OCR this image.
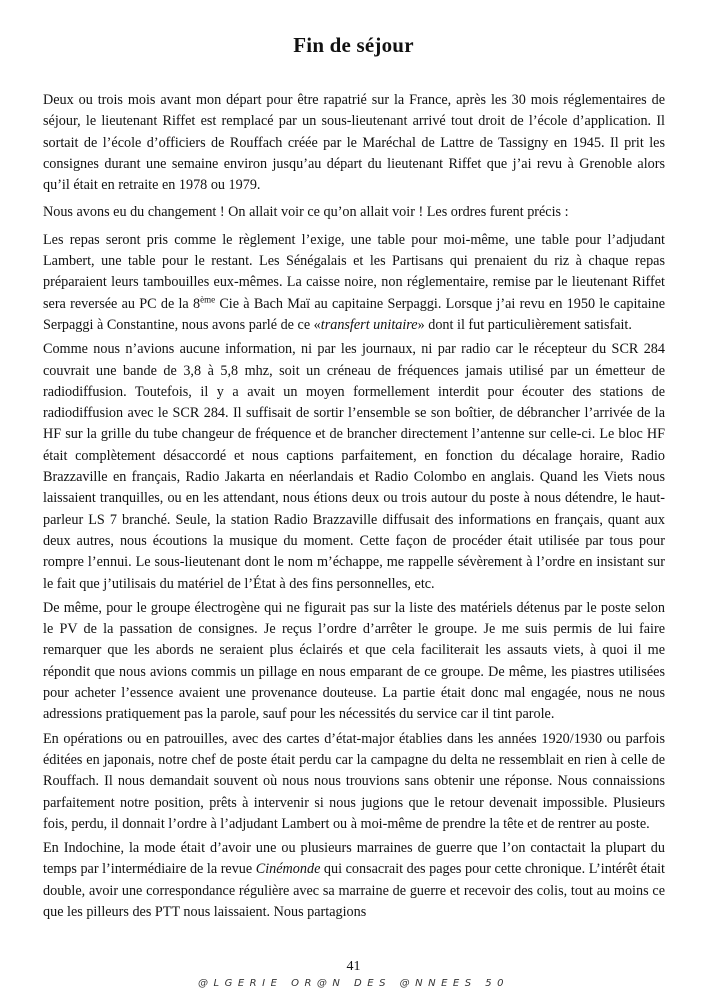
Fin de séjour

Deux ou trois mois avant mon départ pour être rapatrié sur la France, après les 30 mois réglementaires de séjour, le lieutenant Riffet est remplacé par un sous-lieutenant arrivé tout droit de l’école d’application. Il sortait de l’école d’officiers de Rouffach créée par le Maréchal de Lattre de Tassigny en 1945. Il prit les consignes durant une semaine environ jusqu’au départ du lieutenant Riffet que j’ai revu à Grenoble alors qu’il était en retraite en 1978 ou 1979.

Nous avons eu du changement ! On allait voir ce qu’on allait voir ! Les ordres furent précis :

Les repas seront pris comme le règlement l’exige, une table pour moi-même, une table pour l’adjudant Lambert, une table pour le restant. Les Sénégalais et les Partisans qui prenaient du riz à chaque repas préparaient leurs tambouilles eux-mêmes. La caisse noire, non réglementaire, remise par le lieutenant Riffet sera reversée au PC de la 8ème Cie à Bach Maï au capitaine Serpaggi. Lorsque j’ai revu en 1950 le capitaine Serpaggi à Constantine, nous avons parlé de ce «transfert unitaire» dont il fut particulièrement satisfait.

Comme nous n’avions aucune information, ni par les journaux, ni par radio car le récepteur du SCR 284 couvrait une bande de 3,8 à 5,8 mhz, soit un créneau de fréquences jamais utilisé par un émetteur de radiodiffusion. Toutefois, il y a avait un moyen formellement interdit pour écouter des stations de radiodiffusion avec le SCR 284. Il suffisait de sortir l’ensemble se son boîtier, de débrancher l’arrivée de la HF sur la grille du tube changeur de fréquence et de brancher directement l’antenne sur celle-ci. Le bloc HF était complètement désaccordé et nous captions parfaitement, en fonction du décalage horaire, Radio Brazzaville en français, Radio Jakarta en néerlandais et Radio Colombo en anglais. Quand les Viets nous laissaient tranquilles, ou en les attendant, nous étions deux ou trois autour du poste à nous détendre, le haut-parleur LS 7 branché. Seule, la station Radio Brazzaville diffusait des informations en français, quant aux deux autres, nous écoutions la musique du moment. Cette façon de procéder était utilisée par tous pour rompre l’ennui. Le sous-lieutenant dont le nom m’échappe, me rappelle sévèrement à l’ordre en insistant sur le fait que j’utilisais du matériel de l’État à des fins personnelles, etc.

De même, pour le groupe électrogène qui ne figurait pas sur la liste des matériels détenus par le poste selon le PV de la passation de consignes. Je reçus l’ordre d’arrêter le groupe. Je me suis permis de lui faire remarquer que les abords ne seraient plus éclairés et que cela faciliterait les assauts viets, à quoi il me répondit que nous avions commis un pillage en nous emparant de ce groupe. De même, les piastres utilisées pour acheter l’essence avaient une provenance douteuse. La partie était donc mal engagée, nous ne nous adressions pratiquement pas la parole, sauf pour les nécessités du service car il tint parole.

En opérations ou en patrouilles, avec des cartes d’état-major établies dans les années 1920/1930 ou parfois éditées en japonais, notre chef de poste était perdu car la campagne du delta ne ressemblait en rien à celle de Rouffach. Il nous demandait souvent où nous nous trouvions sans obtenir une réponse. Nous connaissions parfaitement notre position, prêts à intervenir si nous jugions que le retour devenait impossible. Plusieurs fois, perdu, il donnait l’ordre à l’adjudant Lambert ou à moi-même de prendre la tête et de rentrer au poste.

En Indochine, la mode était d’avoir une ou plusieurs marraines de guerre que l’on contactait la plupart du temps par l’intermédiaire de la revue Cinémonde qui consacrait des pages pour cette chronique. L’intérêt était double, avoir une correspondance régulière avec sa marraine de guerre et recevoir des colis, tout au moins ce que les pilleurs des PTT nous laissaient. Nous partagions

41
@LGERIE OR@N DES @NNEES 50
